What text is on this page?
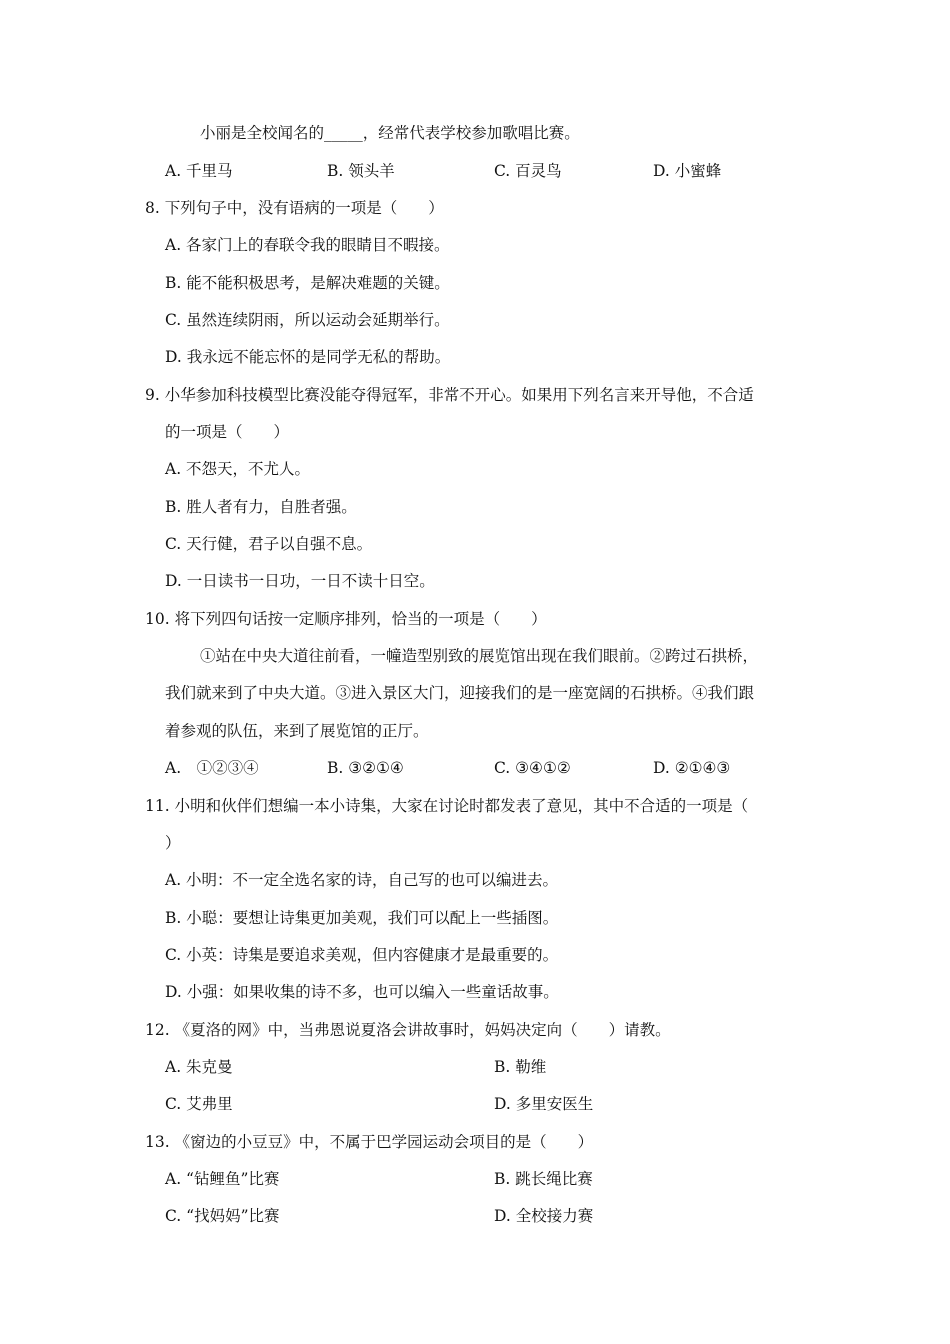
小丽是全校闻名的_____，经常代表学校参加歌唱比赛。
A. 千里马	B. 领头羊	C. 百灵鸟	D. 小蜜蜂
8. 下列句子中，没有语病的一项是（　　）
A. 各家门上的春联令我的眼睛目不暇接。
B. 能不能积极思考，是解决难题的关键。
C. 虽然连续阴雨，所以运动会延期举行。
D. 我永远不能忘怀的是同学无私的帮助。
9. 小华参加科技模型比赛没能夺得冠军，非常不开心。如果用下列名言来开导他，不合适
的一项是（　　）
A. 不怨天，不尤人。
B. 胜人者有力，自胜者强。
C. 天行健，君子以自强不息。
D. 一日读书一日功，一日不读十日空。
10. 将下列四句话按一定顺序排列，恰当的一项是（　　）
①站在中央大道往前看，一幢造型别致的展览馆出现在我们眼前。②跨过石拱桥，
我们就来到了中央大道。③进入景区大门，迎接我们的是一座宽阔的石拱桥。④我们跟
着参观的队伍，来到了展览馆的正厅。
A.　①②③④	B. ③②①④	C. ③④①②	D. ②①④③
11. 小明和伙伴们想编一本小诗集，大家在讨论时都发表了意见，其中不合适的一项是（
）
A. 小明：不一定全选名家的诗，自己写的也可以编进去。
B. 小聪：要想让诗集更加美观，我们可以配上一些插图。
C. 小英：诗集是要追求美观，但内容健康才是最重要的。
D. 小强：如果收集的诗不多，也可以编入一些童话故事。
12. 《夏洛的网》中，当弗恩说夏洛会讲故事时，妈妈决定向（　　）请教。
A. 朱克曼	B. 勒维
C. 艾弗里	D. 多里安医生
13. 《窗边的小豆豆》中，不属于巴学园运动会项目的是（　　）
A. “钻鲤鱼”比赛	B. 跳长绳比赛
C. “找妈妈”比赛	D. 全校接力赛
